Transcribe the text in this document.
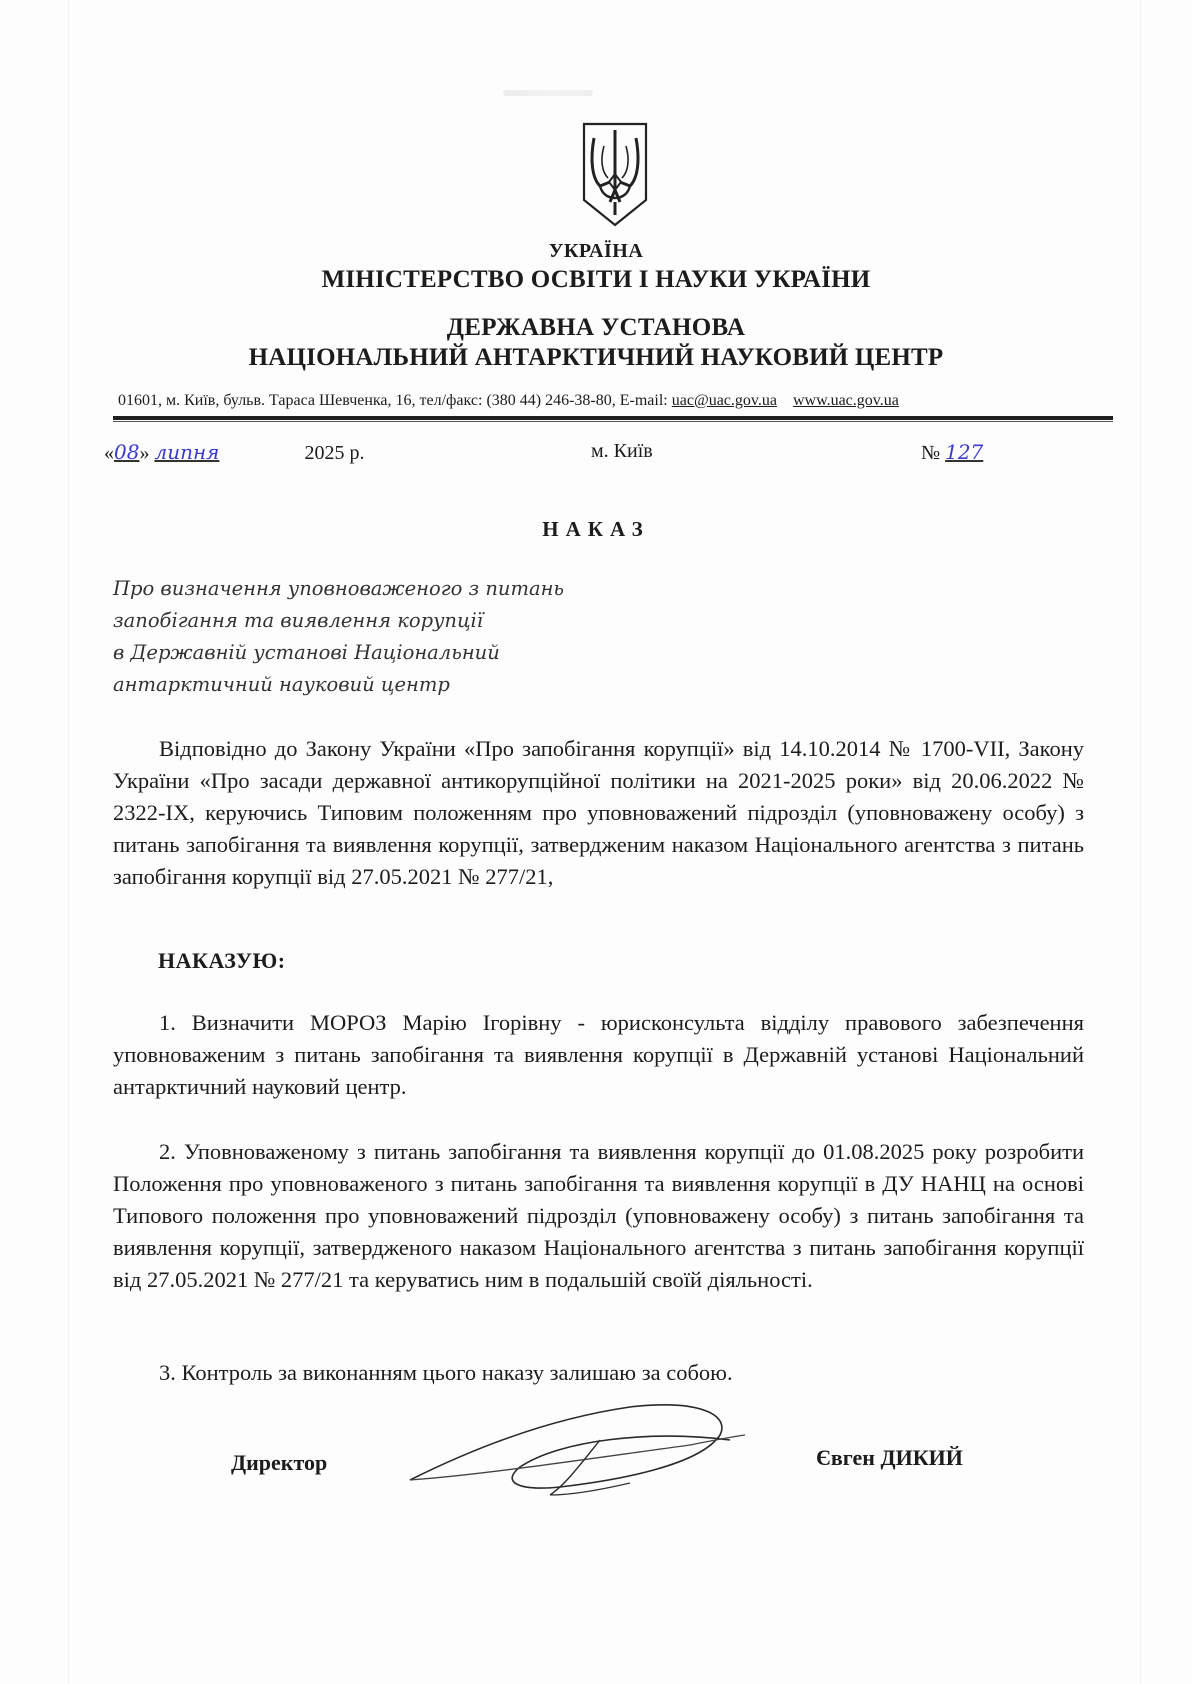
УКРАЇНА
МІНІСТЕРСТВО ОСВІТИ І НАУКИ УКРАЇНИ
ДЕРЖАВНА УСТАНОВА
НАЦІОНАЛЬНИЙ АНТАРКТИЧНИЙ НАУКОВИЙ ЦЕНТР
01601, м. Київ, бульв. Тараса Шевченка, 16, тел/факс: (380 44) 246-38-80, E-mail: uac@uac.gov.ua www.uac.gov.ua
«08» липня	2025 р.	м. Київ	№ 127
НАКАЗ
Про визначення уповноваженого з питань
запобігання та виявлення корупції
в Державній установі Національний
антарктичний науковий центр
Відповідно до Закону України «Про запобігання корупції» від 14.10.2014 № 1700-VII, Закону України «Про засади державної антикорупційної політики на 2021-2025 роки» від 20.06.2022 № 2322-IX, керуючись Типовим положенням про уповноважений підрозділ (уповноважену особу) з питань запобігання та виявлення корупції, затвердженим наказом Національного агентства з питань запобігання корупції від 27.05.2021 № 277/21,
НАКАЗУЮ:
1. Визначити МОРОЗ Марію Ігорівну - юрисконсульта відділу правового забезпечення уповноваженим з питань запобігання та виявлення корупції в Державній установі Національний антарктичний науковий центр.
2. Уповноваженому з питань запобігання та виявлення корупції до 01.08.2025 року розробити Положення про уповноваженого з питань запобігання та виявлення корупції в ДУ НАНЦ на основі Типового положення про уповноважений підрозділ (уповноважену особу) з питань запобігання та виявлення корупції, затвердженого наказом Національного агентства з питань запобігання корупції від 27.05.2021 № 277/21 та керуватись ним в подальшій своїй діяльності.
3. Контроль за виконанням цього наказу залишаю за собою.
Директор	Євген ДИКИЙ
